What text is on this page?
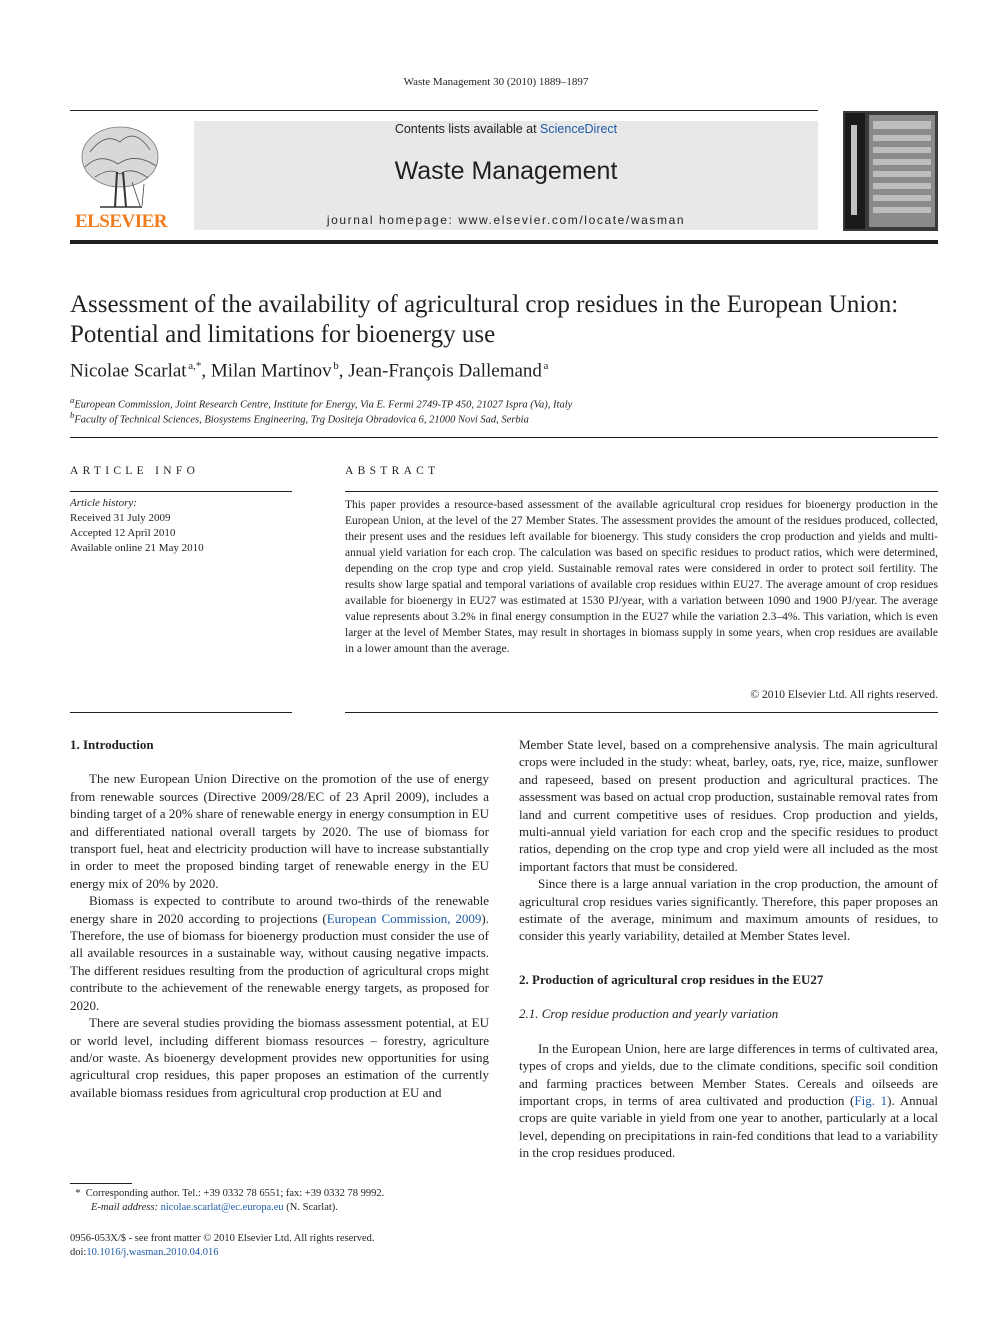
Waste Management 30 (2010) 1889–1897
ELSEVIER
Contents lists available at ScienceDirect
Waste Management
journal homepage: www.elsevier.com/locate/wasman
Assessment of the availability of agricultural crop residues in the European Union: Potential and limitations for bioenergy use
Nicolae Scarlat  $^{a,*}$, Milan Martinov  $^b$, Jean-François Dallemand  $^a$
$^a$European Commission, Joint Research Centre, Institute for Energy, Via E. Fermi 2749-TP 450, 21027 Ispra (Va), Italy
$^b$Faculty of Technical Sciences, Biosystems Engineering, Trg Dositeja Obradovica 6, 21000 Novi Sad, Serbia
ARTICLE INFO
Article history:
Received 31 July 2009
Accepted 12 April 2010
Available online 21 May 2010
ABSTRACT
This paper provides a resource-based assessment of the available agricultural crop residues for bioenergy production in the European Union, at the level of the 27 Member States. The assessment provides the amount of the residues produced, collected, their present uses and the residues left available for bioenergy. This study considers the crop production and yields and multi-annual yield variation for each crop. The calculation was based on specific residues to product ratios, which were determined, depending on the crop type and crop yield. Sustainable removal rates were considered in order to protect soil fertility. The results show large spatial and temporal variations of available crop residues within EU27. The average amount of crop residues available for bioenergy in EU27 was estimated at 1530 PJ/year, with a variation between 1090 and 1900 PJ/year. The average value represents about 3.2% in final energy consumption in the EU27 while the variation 2.3–4%. This variation, which is even larger at the level of Member States, may result in shortages in biomass supply in some years, when crop residues are available in a lower amount than the average.
© 2010 Elsevier Ltd. All rights reserved.
1. Introduction

The new European Union Directive on the promotion of the use of energy from renewable sources (Directive 2009/28/EC of 23 April 2009), includes a binding target of a 20% share of renewable energy in energy consumption in EU and differentiated national overall targets by 2020. The use of biomass for transport fuel, heat and electricity production will have to increase substantially in order to meet the proposed binding target of renewable energy in the EU energy mix of 20% by 2020.

Biomass is expected to contribute to around two-thirds of the renewable energy share in 2020 according to projections (European Commission, 2009). Therefore, the use of biomass for bioenergy production must consider the use of all available resources in a sustainable way, without causing negative impacts. The different residues resulting from the production of agricultural crops might contribute to the achievement of the renewable energy targets, as proposed for 2020.

There are several studies providing the biomass assessment potential, at EU or world level, including different biomass resources – forestry, agriculture and/or waste. As bioenergy development provides new opportunities for using agricultural crop residues, this paper proposes an estimation of the currently available biomass residues from agricultural crop production at EU and

Member State level, based on a comprehensive analysis. The main agricultural crops were included in the study: wheat, barley, oats, rye, rice, maize, sunflower and rapeseed, based on present production and agricultural practices. The assessment was based on actual crop production, sustainable removal rates from land and current competitive uses of residues. Crop production and yields, multi-annual yield variation for each crop and the specific residues to product ratios, depending on the crop type and crop yield were all included as the most important factors that must be considered.

Since there is a large annual variation in the crop production, the amount of agricultural crop residues varies significantly. Therefore, this paper proposes an estimate of the average, minimum and maximum amounts of residues, to consider this yearly variability, detailed at Member States level.

2. Production of agricultural crop residues in the EU27
2.1. Crop residue production and yearly variation

In the European Union, here are large differences in terms of cultivated area, types of crops and yields, due to the climate conditions, specific soil condition and farming practices between Member States. Cereals and oilseeds are important crops, in terms of area cultivated and production (Fig. 1). Annual crops are quite variable in yield from one year to another, particularly at a local level, depending on precipitations in rain-fed conditions that lead to a variability in the crop residues produced.

* Corresponding author. Tel.: +39 0332 78 6551; fax: +39 0332 78 9992.
E-mail address: nicolae.scarlat@ec.europa.eu (N. Scarlat).
0956-053X/$ - see front matter © 2010 Elsevier Ltd. All rights reserved.
doi:10.1016/j.wasman.2010.04.016
